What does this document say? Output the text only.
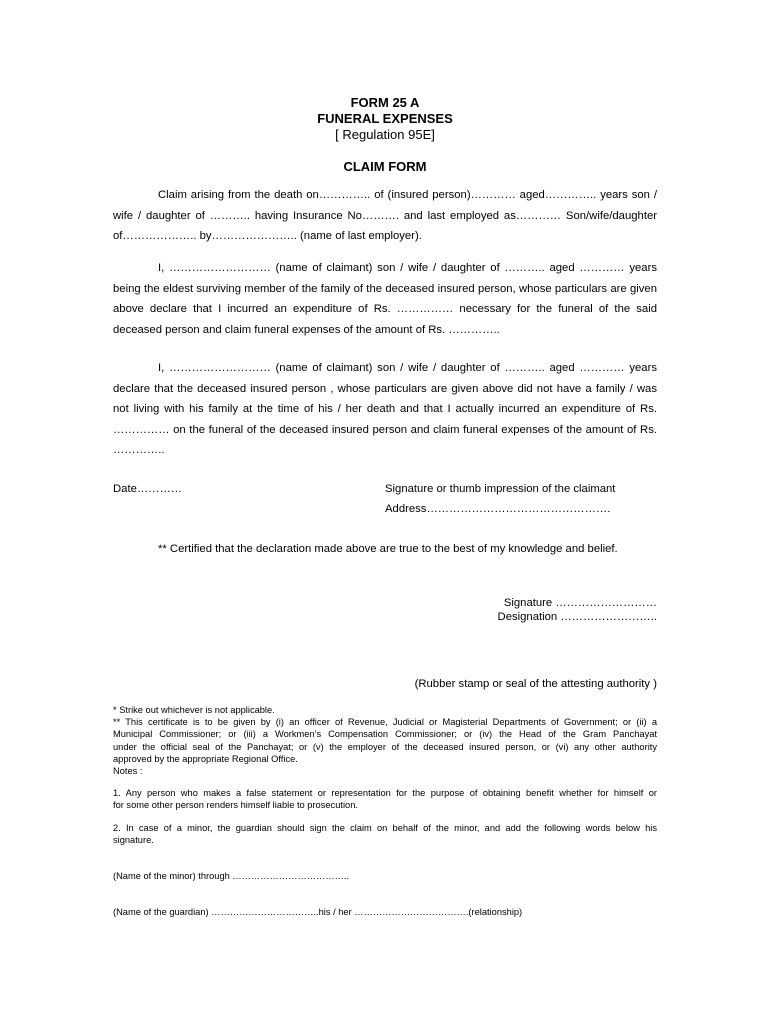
FORM 25 A
FUNERAL EXPENSES
[ Regulation 95E]
CLAIM FORM
Claim arising from the death on………….. of (insured person)………… aged………….. years son /
wife / daughter of ……….. having Insurance No………. and last employed as………… Son/wife/daughter
of……………….. by………………….. (name of last employer).
I, ……………………… (name of claimant) son / wife / daughter of ……….. aged ………… years
being the eldest surviving member of the family of the deceased insured person, whose particulars are given
above declare that I incurred an expenditure of Rs. …………… necessary for the funeral of the said
deceased person and claim funeral expenses of the amount of Rs. …………..
I, ……………………… (name of claimant) son / wife / daughter of ……….. aged ………… years
declare that the deceased insured person , whose particulars are given above did not have a family / was
not living with his family at the time of his / her death and that I actually incurred an expenditure of Rs.
…………… on the funeral of the deceased insured person and claim funeral expenses of the amount of Rs.
…………..
Date…………	Signature or thumb impression of the claimant
Address………………………………………….
** Certified that the declaration made above are true to the best of my knowledge and belief.
Signature ………………………
Designation ……………………..
(Rubber stamp or seal of the attesting authority )
* Strike out whichever is not applicable.
** This certificate is to be given by (i) an officer of Revenue, Judicial or Magisterial Departments of Government; or (ii) a
Municipal Commissioner; or (iii) a Workmen’s Compensation Commissioner; or (iv) the Head of the Gram Panchayat
under the official seal of the Panchayat; or (v) the employer of the deceased insured person, or (vi) any other authority
approved by the appropriate Regional Office.
Notes :
1. Any person who makes a false statement or representation for the purpose of obtaining benefit whether for himself or
for some other person renders himself liable to prosecution.
2. In case of a minor, the guardian should sign the claim on behalf of the minor, and add the following words below his
signature.
(Name of the minor) through ………………………………..
(Name of the guardian) ……………………………..his / her ……………………………….(relationship)
